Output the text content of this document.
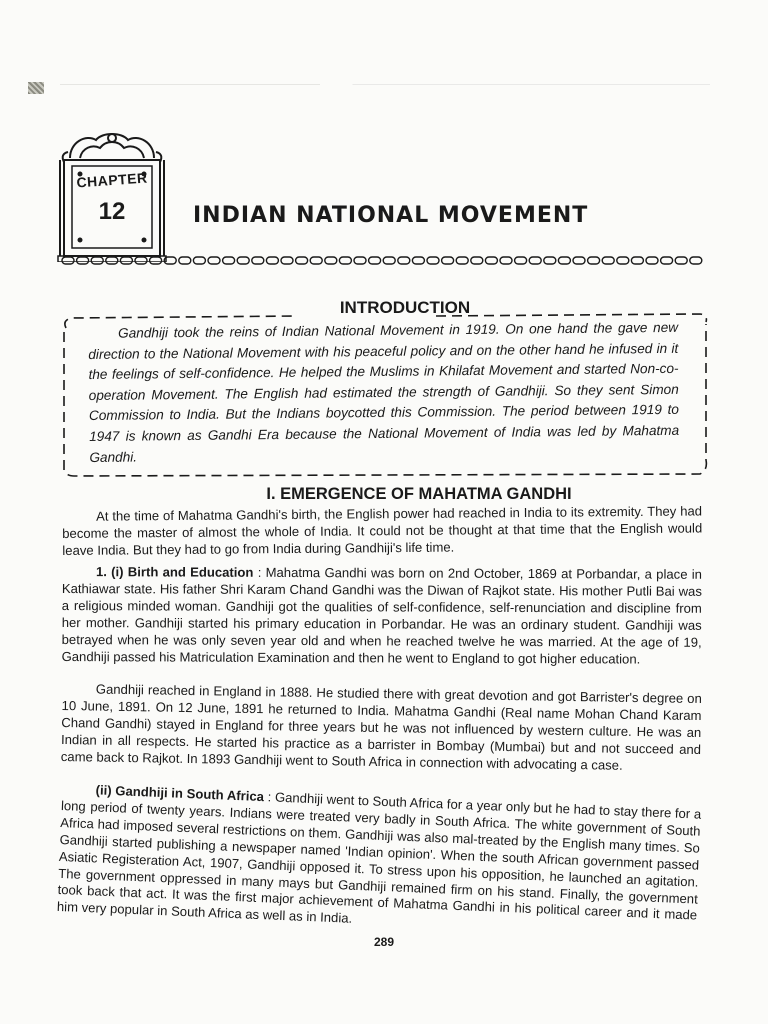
CHAPTER
12	INDIAN NATIONAL MOVEMENT
INTRODUCTION

Gandhiji took the reins of Indian National Movement in 1919. On one hand the gave new direction to the National Movement with his peaceful policy and on the other hand he infused in it the feelings of self-confidence. He helped the Muslims in Khilafat Movement and started Non-co-operation Movement. The English had estimated the strength of Gandhiji. So they sent Simon Commission to India. But the Indians boycotted this Commission. The period between 1919 to 1947 is known as Gandhi Era because the National Movement of India was led by Mahatma Gandhi.

I. EMERGENCE OF MAHATMA GANDHI

At the time of Mahatma Gandhi's birth, the English power had reached in India to its extremity. They had become the master of almost the whole of India. It could not be thought at that time that the English would leave India. But they had to go from India during Gandhiji's life time.

1. (i) Birth and Education : Mahatma Gandhi was born on 2nd October, 1869 at Porbandar, a place in Kathiawar state. His father Shri Karam Chand Gandhi was the Diwan of Rajkot state. His mother Putli Bai was a religious minded woman. Gandhiji got the qualities of self-confidence, self-renunciation and discipline from her mother. Gandhiji started his primary education in Porbandar. He was an ordinary student. Gandhiji was betrayed when he was only seven year old and when he reached twelve he was married. At the age of 19, Gandhiji passed his Matriculation Examination and then he went to England to got higher education.

Gandhiji reached in England in 1888. He studied there with great devotion and got Barrister's degree on 10 June, 1891. On 12 June, 1891 he returned to India. Mahatma Gandhi (Real name Mohan Chand Karam Chand Gandhi) stayed in England for three years but he was not influenced by western culture. He was an Indian in all respects. He started his practice as a barrister in Bombay (Mumbai) but and not succeed and came back to Rajkot. In 1893 Gandhiji went to South Africa in connection with advocating a case.

(ii) Gandhiji in South Africa : Gandhiji went to South Africa for a year only but he had to stay there for a long period of twenty years. Indians were treated very badly in South Africa. The white government of South Africa had imposed several restrictions on them. Gandhiji was also mal-treated by the English many times. So Gandhiji started publishing a newspaper named 'Indian opinion'. When the south African government passed Asiatic Registeration Act, 1907, Gandhiji opposed it. To stress upon his opposition, he launched an agitation. The government oppressed in many mays but Gandhiji remained firm on his stand. Finally, the government took back that act. It was the first major achievement of Mahatma Gandhi in his political career and it made him very popular in South Africa as well as in India.

289
